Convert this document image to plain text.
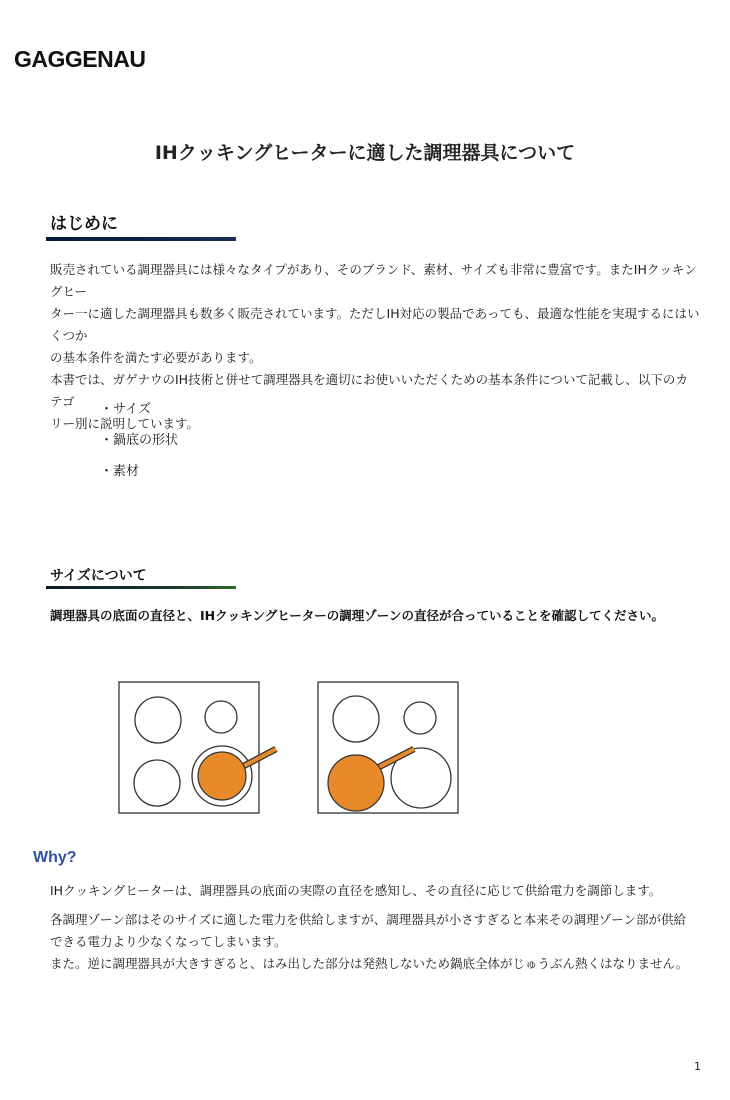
GAGGENAU
IHクッキングヒーターに適した調理器具について
はじめに

販売されている調理器具には様々なタイプがあり、そのブランド、素材、サイズも非常に豊富です。またIHクッキングヒー

ター一に適した調理器具も数多く販売されています。ただしIH対応の製品であっても、最適な性能を実現するにはいくつか

の基本条件を満たす必要があります。

本書では、ガゲナウのIH技術と併せて調理器具を適切にお使いいただくための基本条件について記載し、以下のカテゴ

リー別に説明しています。

・サイズ
・鍋底の形状
・素材
サイズについて
調理器具の底面の直径と、IHクッキングヒーターの調理ゾーンの直径が合っていることを確認してください。
Why?

IHクッキングヒーターは、調理器具の底面の実際の直径を感知し、その直径に応じて供給電力を調節します。

各調理ゾーン部はそのサイズに適した電力を供給しますが、調理器具が小さすぎると本来その調理ゾーン部が供給

できる電力より少なくなってしまいます。

また。逆に調理器具が大きすぎると、はみ出した部分は発熱しないため鍋底全体がじゅうぶん熱くはなりません。

1
